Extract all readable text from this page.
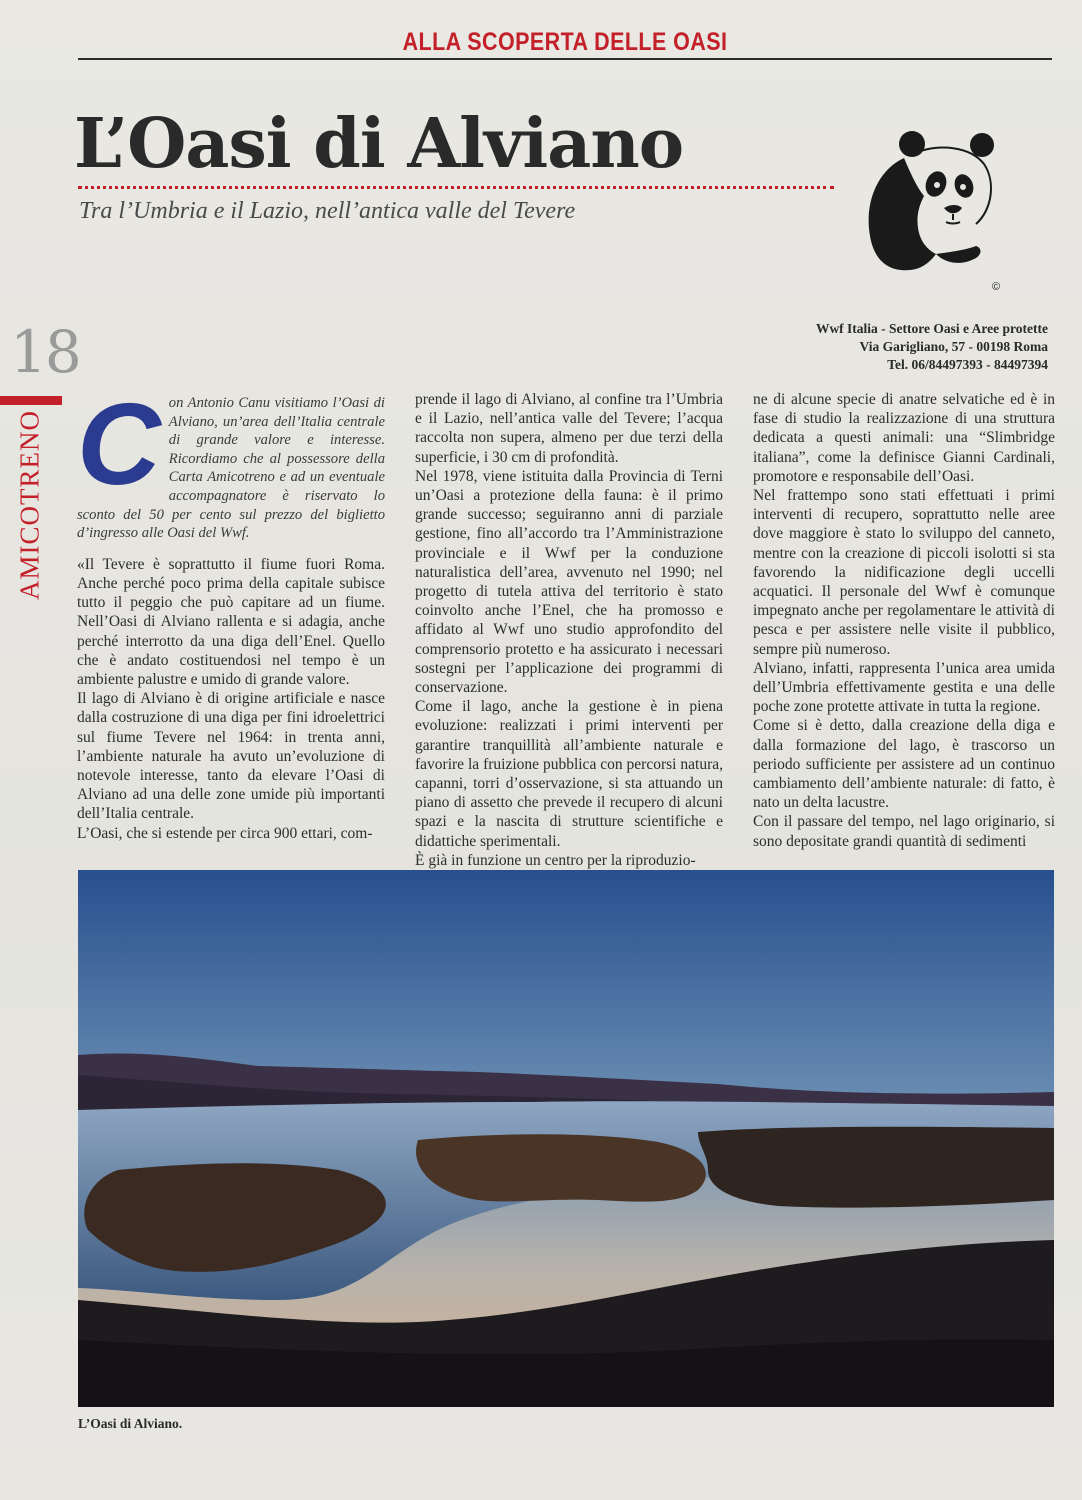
ALLA SCOPERTA DELLE OASI
L’Oasi di Alviano
Tra l’Umbria e il Lazio, nell’antica valle del Tevere
©
Wwf Italia - Settore Oasi e Aree protette
Via Garigliano, 57 - 00198 Roma
Tel. 06/84497393 - 84497394
18
AMICOTRENO Con Antonio Canu visitiamo l’Oasi di Alviano, un’area dell’Italia centrale di grande valore e interesse. Ricordiamo che al possessore della Carta Amicotreno e ad un eventuale accompagnatore è riservato lo sconto del 50 per cento sul prezzo del biglietto d’ingresso alle Oasi del Wwf.

«Il Tevere è soprattutto il fiume fuori Roma. Anche perché poco prima della capitale subisce tutto il peggio che può capitare ad un fiume. Nell’Oasi di Alviano rallenta e si adagia, anche perché interrotto da una diga dell’Enel. Quello che è andato costituendosi nel tempo è un ambiente palustre e umido di grande valore.

Il lago di Alviano è di origine artificiale e nasce dalla costruzione di una diga per fini idroelettrici sul fiume Tevere nel 1964: in trenta anni, l’ambiente naturale ha avuto un’evoluzione di notevole interesse, tanto da elevare l’Oasi di Alviano ad una delle zone umide più importanti dell’Italia centrale.

L’Oasi, che si estende per circa 900 ettari, com-

prende il lago di Alviano, al confine tra l’Umbria e il Lazio, nell’antica valle del Tevere; l’acqua raccolta non supera, almeno per due terzi della superficie, i 30 cm di profondità.

Nel 1978, viene istituita dalla Provincia di Terni un’Oasi a protezione della fauna: è il primo grande successo; seguiranno anni di parziale gestione, fino all’accordo tra l’Amministrazione provinciale e il Wwf per la conduzione naturalistica dell’area, avvenuto nel 1990; nel progetto di tutela attiva del territorio è stato coinvolto anche l’Enel, che ha promosso e affidato al Wwf uno studio approfondito del comprensorio protetto e ha assicurato i necessari sostegni per l’applicazione dei programmi di conservazione.

Come il lago, anche la gestione è in piena evoluzione: realizzati i primi interventi per garantire tranquillità all’ambiente naturale e favorire la fruizione pubblica con percorsi natura, capanni, torri d’osservazione, si sta attuando un piano di assetto che prevede il recupero di alcuni spazi e la nascita di strutture scientifiche e didattiche sperimentali.

È già in funzione un centro per la riproduzio-

ne di alcune specie di anatre selvatiche ed è in fase di studio la realizzazione di una struttura dedicata a questi animali: una “Slimbridge italiana”, come la definisce Gianni Cardinali, promotore e responsabile dell’Oasi.

Nel frattempo sono stati effettuati i primi interventi di recupero, soprattutto nelle aree dove maggiore è stato lo sviluppo del canneto, mentre con la creazione di piccoli isolotti si sta favorendo la nidificazione degli uccelli acquatici. Il personale del Wwf è comunque impegnato anche per regolamentare le attività di pesca e per assistere nelle visite il pubblico, sempre più numeroso.

Alviano, infatti, rappresenta l’unica area umida dell’Umbria effettivamente gestita e una delle poche zone protette attivate in tutta la regione.

Come si è detto, dalla creazione della diga e dalla formazione del lago, è trascorso un periodo sufficiente per assistere ad un continuo cambiamento dell’ambiente naturale: di fatto, è nato un delta lacustre.

Con il passare del tempo, nel lago originario, si sono depositate grandi quantità di sedimenti

L’Oasi di Alviano.
